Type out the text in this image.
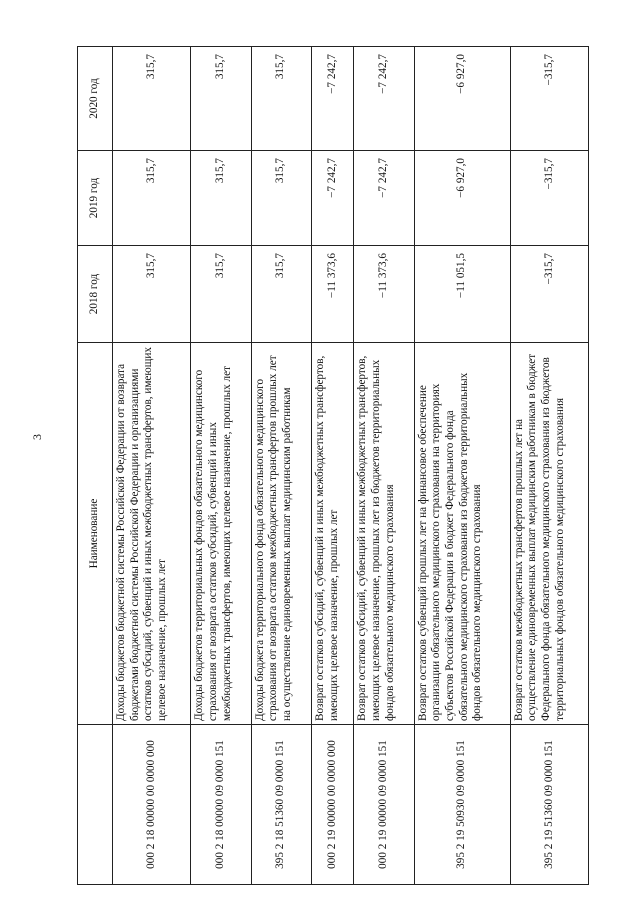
3
	Наименование	2018 год	2019 год	2020 год
000 2 18 00000 00 0000 000	Доходы бюджетов бюджетной системы Российской Федерации от возврата бюджетами бюджетной системы Российской Федерации и организациями остатков субсидий, субвенций и иных межбюджетных трансфертов, имеющих целевое назначение, прошлых лет	315,7	315,7	315,7
000 2 18 00000 09 0000 151	Доходы бюджетов территориальных фондов обязательного медицинского страхования от возврата остатков субсидий, субвенций и иных межбюджетных трансфертов, имеющих целевое назначение, прошлых лет	315,7	315,7	315,7
395 2 18 51360 09 0000 151	Доходы бюджета территориального фонда обязательного медицинского страхования от возврата остатков межбюджетных трансфертов прошлых лет на осуществление единовременных выплат медицинским работникам	315,7	315,7	315,7
000 2 19 00000 00 0000 000	Возврат остатков субсидий, субвенций и иных межбюджетных трансфертов, имеющих целевое назначение, прошлых лет	−11 373,6	−7 242,7	−7 242,7
000 2 19 00000 09 0000 151	Возврат остатков субсидий, субвенций и иных межбюджетных трансфертов, имеющих целевое назначение, прошлых лет из бюджетов территориальных фондов обязательного медицинского страхования	−11 373,6	−7 242,7	−7 242,7
395 2 19 50930 09 0000 151	Возврат остатков субвенций прошлых лет на финансовое обеспечение организации обязательного медицинского страхования на территориях субъектов Российской Федерации в бюджет Федерального фонда обязательного медицинского страхования из бюджетов территориальных фондов обязательного медицинского страхования	−11 051,5	−6 927,0	−6 927,0
395 2 19 51360 09 0000 151	Возврат остатков межбюджетных трансфертов прошлых лет на осуществление единовременных выплат медицинским работникам в бюджет Федерального фонда обязательного медицинского страхования из бюджетов территориальных фондов обязательного медицинского страхования	−315,7	−315,7	−315,7
